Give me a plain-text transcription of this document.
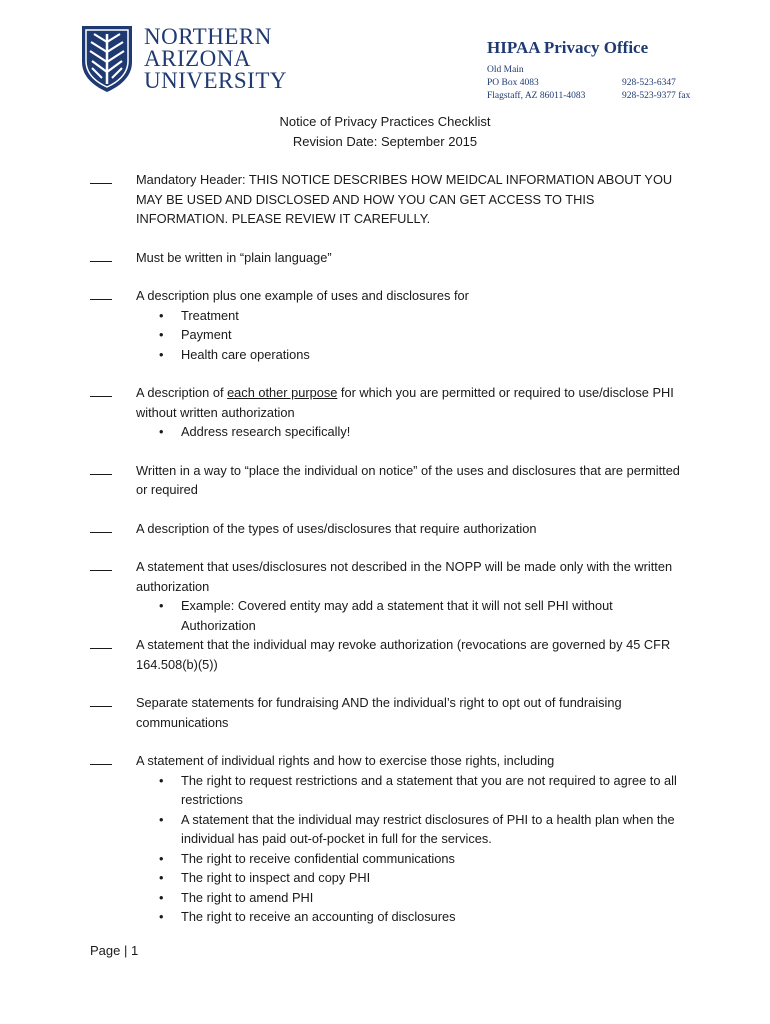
NORTHERN
ARIZONA
UNIVERSITY
HIPAA Privacy Office
Old Main
PO Box 4083	928-523-6347
Flagstaff, AZ 86011-4083	928-523-9377 fax
Notice of Privacy Practices Checklist
Revision Date: September 2015
Mandatory Header: THIS NOTICE DESCRIBES HOW MEIDCAL INFORMATION ABOUT YOU MAY BE USED AND DISCLOSED AND HOW YOU CAN GET ACCESS TO THIS INFORMATION. PLEASE REVIEW IT CAREFULLY.
Must be written in “plain language”
A description plus one example of uses and disclosures for
• Treatment
• Payment
• Health care operations
A description of each other purpose for which you are permitted or required to use/disclose PHI without written authorization
• Address research specifically!
Written in a way to “place the individual on notice” of the uses and disclosures that are permitted or required
A description of the types of uses/disclosures that require authorization
A statement that uses/disclosures not described in the NOPP will be made only with the written authorization
• Example: Covered entity may add a statement that it will not sell PHI without Authorization
A statement that the individual may revoke authorization (revocations are governed by 45 CFR 164.508(b)(5))
Separate statements for fundraising AND the individual’s right to opt out of fundraising communications
A statement of individual rights and how to exercise those rights, including
• The right to request restrictions and a statement that you are not required to agree to all restrictions
• A statement that the individual may restrict disclosures of PHI to a health plan when the individual has paid out-of-pocket in full for the services.
• The right to receive confidential communications
• The right to inspect and copy PHI
• The right to amend PHI
• The right to receive an accounting of disclosures
Page | 1
